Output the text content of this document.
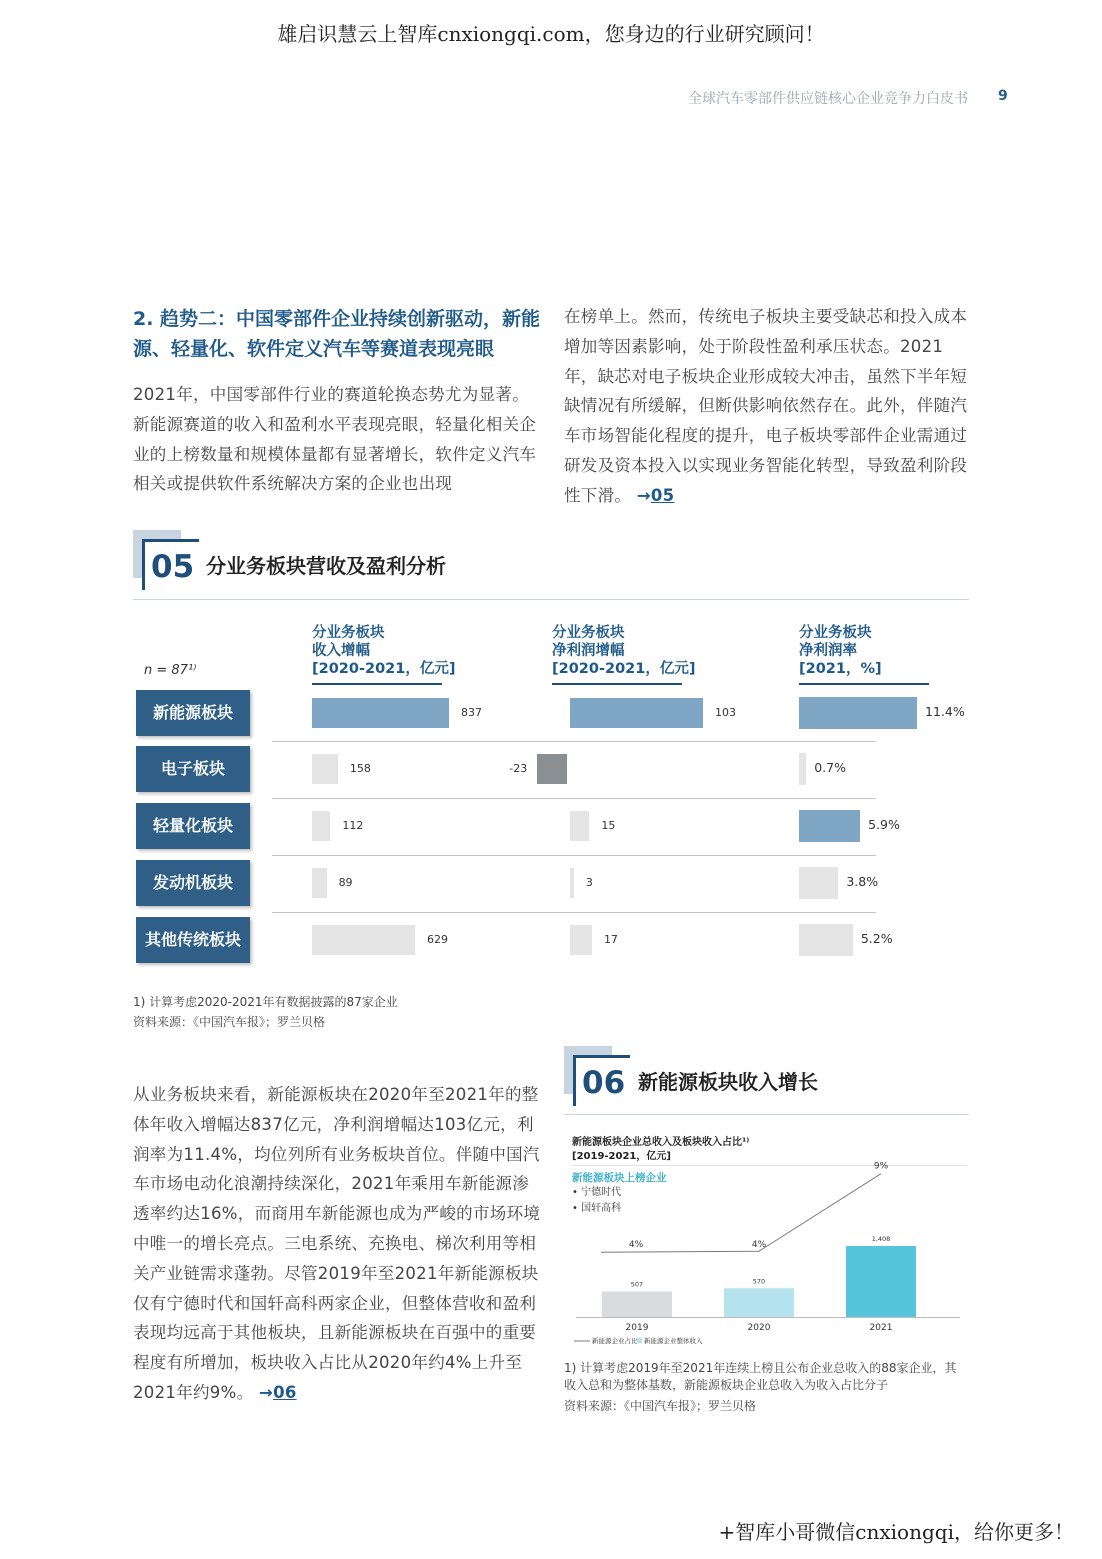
雄启识慧云上智库cnxiongqi.com，您身边的行业研究顾问！
全球汽车零部件供应链核心企业竞争力白皮书 9
2. 趋势二：中国零部件企业持续创新驱动，新能源、轻量化、软件定义汽车等赛道表现亮眼
2021年，中国零部件行业的赛道轮换态势尤为显著。新能源赛道的收入和盈利水平表现亮眼，轻量化相关企业的上榜数量和规模体量都有显著增长，软件定义汽车相关或提供软件系统解决方案的企业也出现
在榜单上。然而，传统电子板块主要受缺芯和投入成本增加等因素影响，处于阶段性盈利承压状态。2021年，缺芯对电子板块企业形成较大冲击，虽然下半年短缺情况有所缓解，但断供影响依然存在。此外，伴随汽车市场智能化程度的提升，电子板块零部件企业需通过研发及资本投入以实现业务智能化转型，导致盈利阶段性下滑。 →05
05 分业务板块营收及盈利分析
分业务板块
收入增幅
[2020-2021，亿元]
分业务板块
净利润增幅
[2020-2021，亿元]
分业务板块
净利润率
[2021，%]
n = 87¹⁾
新能源板块	837	103	11.4%
电子板块	158	-23	0.7%
轻量化板块	112	15	5.9%
发动机板块	89	3	3.8%
其他传统板块	629	17	5.2%
1) 计算考虑2020-2021年有数据披露的87家企业
资料来源：《中国汽车报》；罗兰贝格
从业务板块来看，新能源板块在2020年至2021年的整体年收入增幅达837亿元，净利润增幅达103亿元，利润率为11.4%，均位列所有业务板块首位。伴随中国汽车市场电动化浪潮持续深化，2021年乘用车新能源渗透率约达16%，而商用车新能源也成为严峻的市场环境中唯一的增长亮点。三电系统、充换电、梯次利用等相关产业链需求蓬勃。尽管2019年至2021年新能源板块仅有宁德时代和国轩高科两家企业，但整体营收和盈利表现均远高于其他板块，且新能源板块在百强中的重要程度有所增加，板块收入占比从2020年约4%上升至2021年约9%。 →06
06 新能源板块收入增长
新能源板块企业总收入及板块收入占比¹⁾
[2019-2021，亿元]
新能源板块上榜企业
• 宁德时代
• 国轩高科
507
2019
570
2020
1,408
2021
4%	4%
9%
新能源企业占比 新能源企业整体收入
1) 计算考虑2019年至2021年连续上榜且公布企业总收入的88家企业，其收入总和为整体基数，新能源板块企业总收入为收入占比分子
资料来源：《中国汽车报》；罗兰贝格
+智库小哥微信cnxiongqi，给你更多！
